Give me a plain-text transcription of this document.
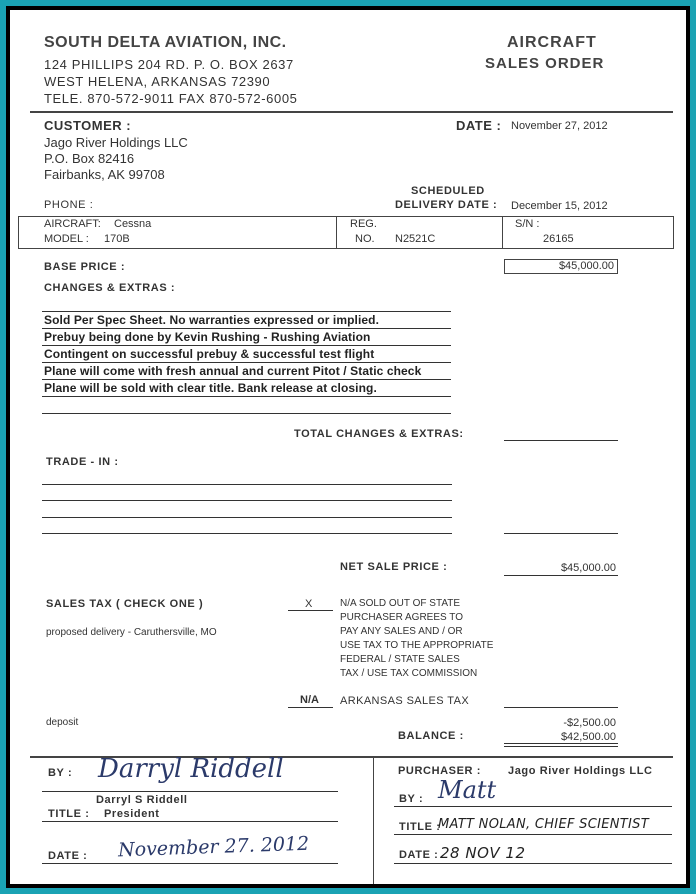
SOUTH DELTA AVIATION, INC.
124 PHILLIPS 204 RD. P. O. BOX 2637
WEST HELENA, ARKANSAS 72390
TELE. 870-572-9011 FAX 870-572-6005
AIRCRAFT
SALES ORDER
CUSTOMER :
Jago River Holdings LLC
P.O. Box 82416
Fairbanks, AK 99708
PHONE :
DATE : November 27, 2012
SCHEDULED
DELIVERY DATE : December 15, 2012
AIRCRAFT: Cessna
MODEL : 170B
REG.
NO. N2521C
S/N :
26165
BASE PRICE :	$45,000.00
CHANGES & EXTRAS :
Sold Per Spec Sheet. No warranties expressed or implied.
Prebuy being done by Kevin Rushing - Rushing Aviation
Contingent on successful prebuy & successful test flight
Plane will come with fresh annual and current Pitot / Static check
Plane will be sold with clear title. Bank release at closing.
TOTAL CHANGES & EXTRAS:
TRADE - IN :
NET SALE PRICE :	$45,000.00
SALES TAX ( CHECK ONE )	X	N/A SOLD OUT OF STATE
PURCHASER AGREES TO
PAY ANY SALES AND / OR
USE TAX TO THE APPROPRIATE
FEDERAL / STATE SALES
TAX / USE TAX COMMISSION
proposed delivery - Caruthersville, MO
N/A ARKANSAS SALES TAX
deposit	-$2,500.00
BALANCE :	$42,500.00
BY : Darryl Riddell
Darryl S Riddell
TITLE : President
DATE : November 27. 2012
PURCHASER : Jago River Holdings LLC
BY : Matt
TITLE :
MATT NOLAN, CHIEF SCIENTIST
DATE : 28 NOV 12
